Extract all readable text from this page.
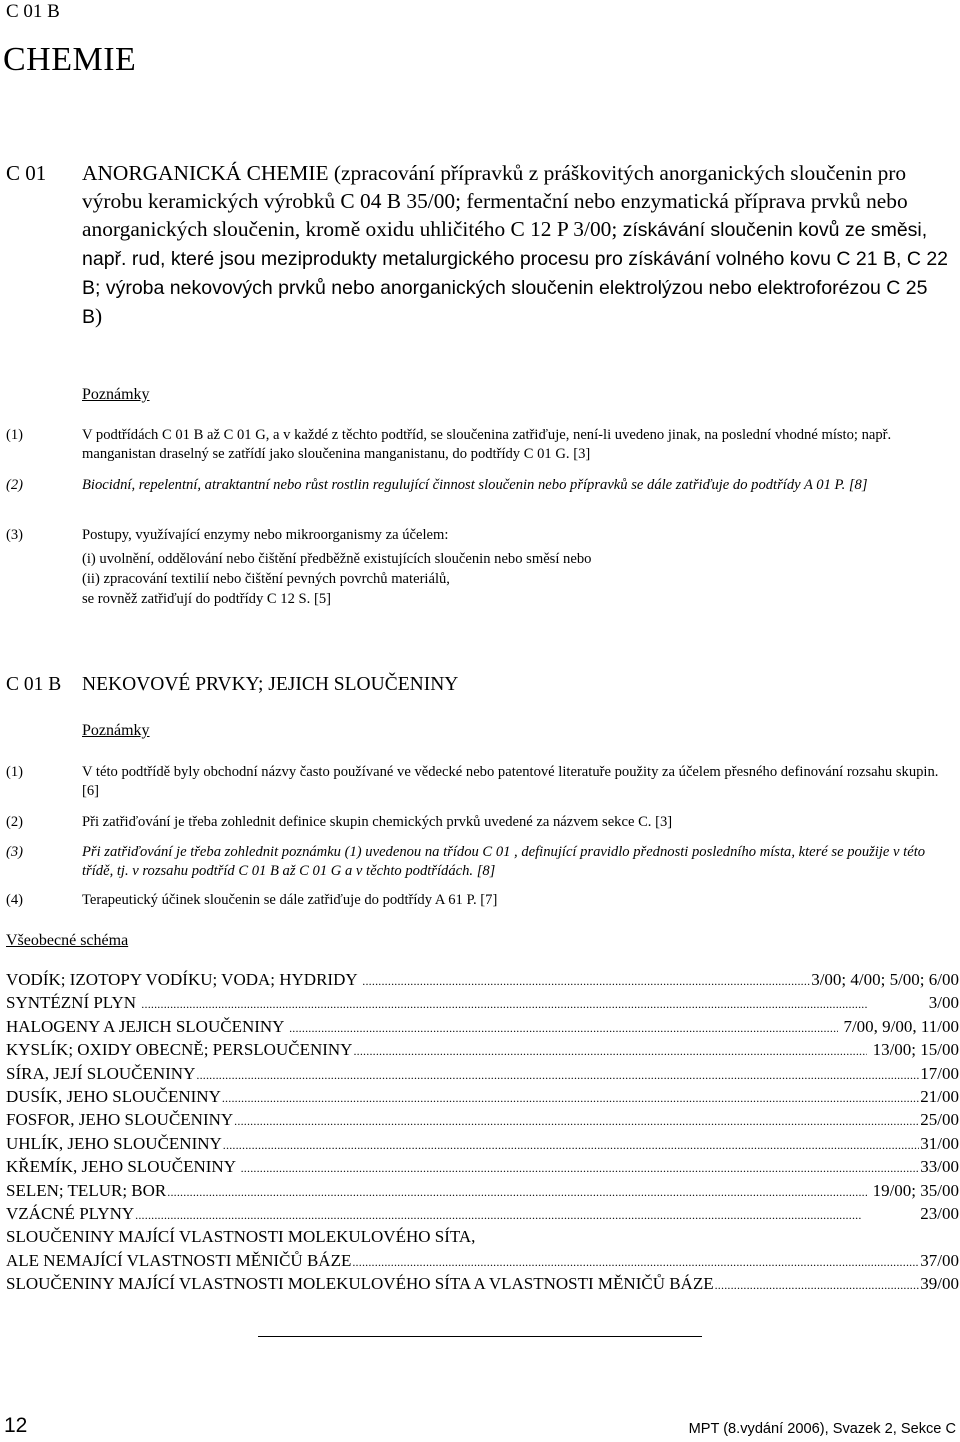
C 01 B
CHEMIE
C 01 ANORGANICKÁ CHEMIE (zpracování přípravků z práškovitých anorganických sloučenin pro výrobu keramických výrobků C 04 B 35/00; fermentační nebo enzymatická příprava prvků nebo anorganických sloučenin, kromě oxidu uhličitého C 12 P 3/00; získávání sloučenin kovů ze směsi, např. rud, které jsou meziprodukty metalurgického procesu pro získávání volného kovu C 21 B, C 22 B; výroba nekovových prvků nebo anorganických sloučenin elektrolýzou nebo elektroforézou C 25 B)
Poznámky
(1)	V podtřídách C 01 B až C 01 G, a v každé z těchto podtříd, se sloučenina zatřiďuje, není-li uvedeno jinak, na poslední vhodné místo; např. manganistan draselný se zatřídí jako sloučenina manganistanu, do podtřídy C 01 G. [3]
(2)	Biocidní, repelentní, atraktantní nebo růst rostlin regulující činnost sloučenin nebo přípravků se dále zatřiďuje do podtřídy A 01 P. [8]
(3)	Postupy, využívající enzymy nebo mikroorganismy za účelem:
(i) uvolnění, oddělování nebo čištění předběžně existujících sloučenin nebo směsí nebo
(ii) zpracování textilií nebo čištění pevných povrchů materiálů,
se rovněž zatřiďují do podtřídy C 12 S. [5]
C 01 B NEKOVOVÉ PRVKY; JEJICH SLOUČENINY
Poznámky
(1)	V této podtřídě byly obchodní názvy často používané ve vědecké nebo patentové literatuře použity za účelem přesného definování rozsahu skupin. [6]
(2)	Při zatřiďování je třeba zohlednit definice skupin chemických prvků uvedené za názvem sekce C. [3]
(3)	Při zatřiďování je třeba zohlednit poznámku (1) uvedenou na třídou C 01 , definující pravidlo přednosti posledního místa, které se použije v této třídě, tj. v rozsahu podtříd C 01 B až C 01 G a v těchto podtřídách. [8]
(4)	Terapeutický účinek sloučenin se dále zatřiďuje do podtřídy A 61 P. [7]
Všeobecné schéma
VODÍK; IZOTOPY VODÍKU; VODA; HYDRIDY .....	3/00; 4/00; 5/00; 6/00
SYNTÉZNÍ PLYN .....	3/00
HALOGENY A JEJICH SLOUČENINY .....	7/00, 9/00, 11/00
KYSLÍK; OXIDY OBECNĚ; PERSLOUČENINY .....	13/00; 15/00
SÍRA, JEJÍ SLOUČENINY .....	17/00
DUSÍK, JEHO SLOUČENINY .....	21/00
FOSFOR, JEHO SLOUČENINY .....	25/00
UHLÍK, JEHO SLOUČENINY .....	31/00
KŘEMÍK, JEHO SLOUČENINY .....	33/00
SELEN; TELUR; BOR .....	19/00; 35/00
VZÁCNÉ PLYNY .....	23/00
SLOUČENINY MAJÍCÍ VLASTNOSTI MOLEKULOVÉHO SÍTA,
ALE NEMAJÍCÍ VLASTNOSTI MĚNIČŮ BÁZE .....	37/00
SLOUČENINY MAJÍCÍ VLASTNOSTI MOLEKULOVÉHO SÍTA A VLASTNOSTI MĚNIČŮ BÁZE .....	39/00
12	MPT (8.vydání 2006), Svazek 2, Sekce C
